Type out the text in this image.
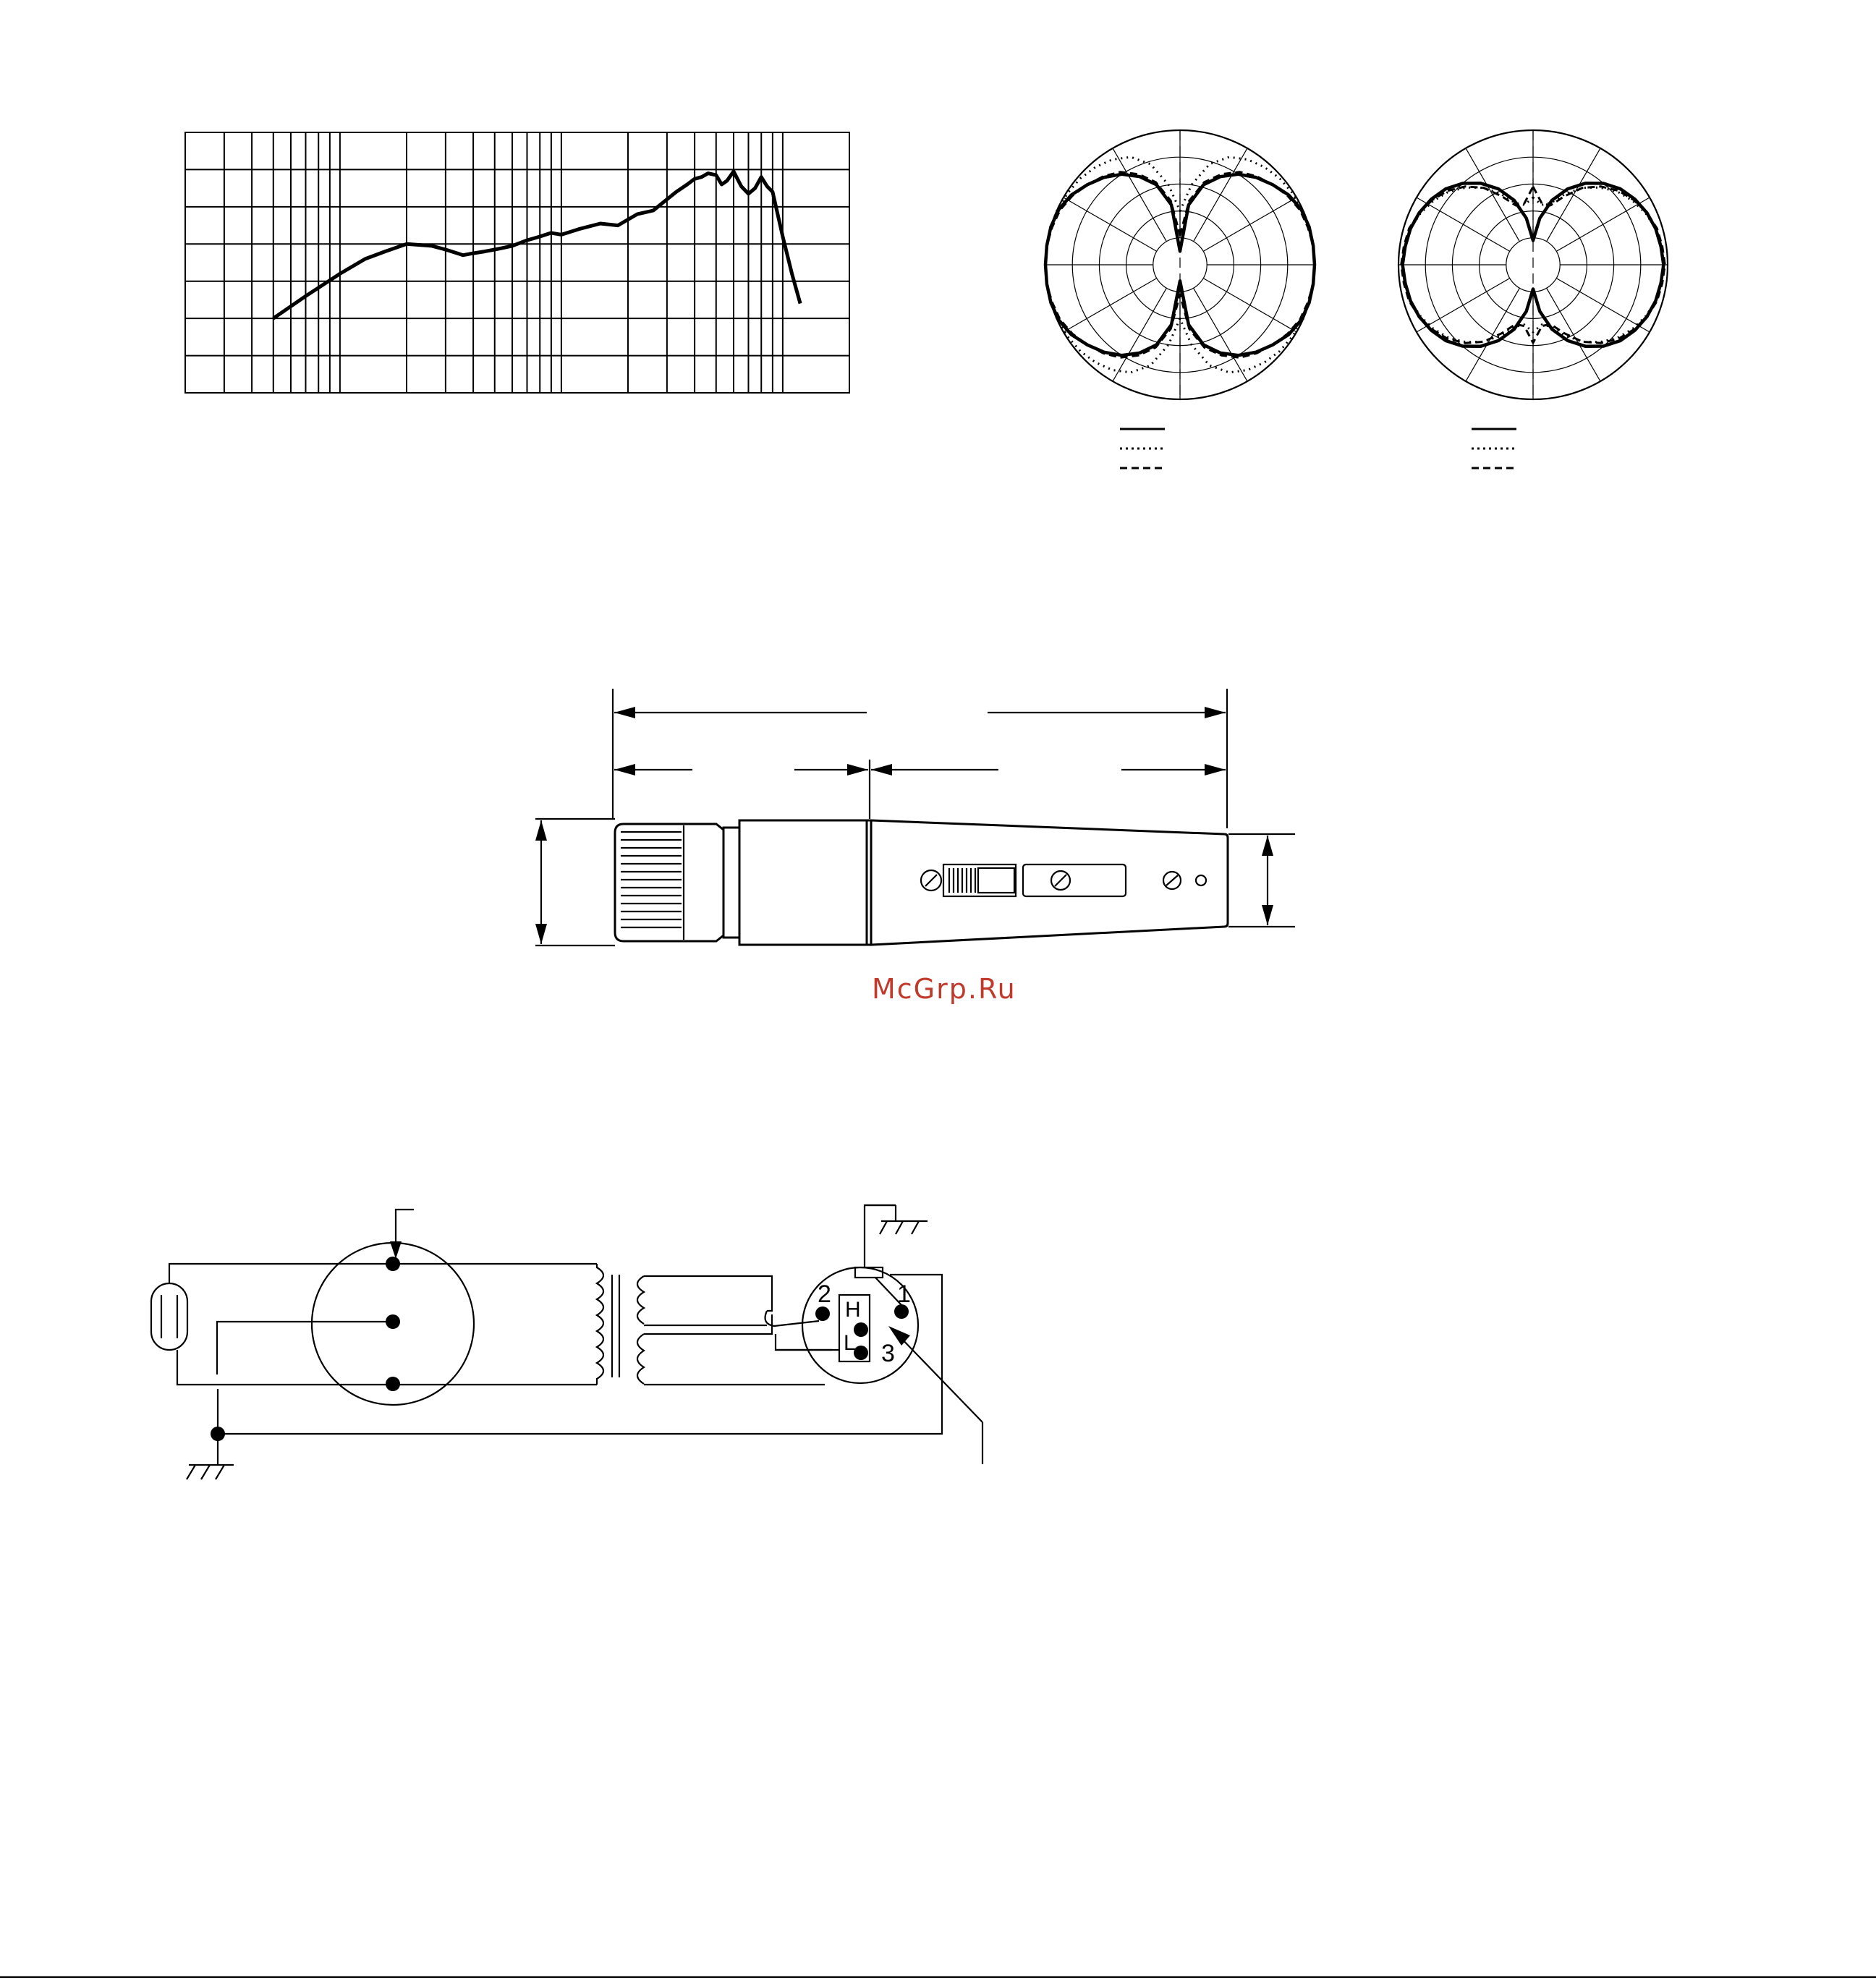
McGrp.Ru
2	1
3
H
L
